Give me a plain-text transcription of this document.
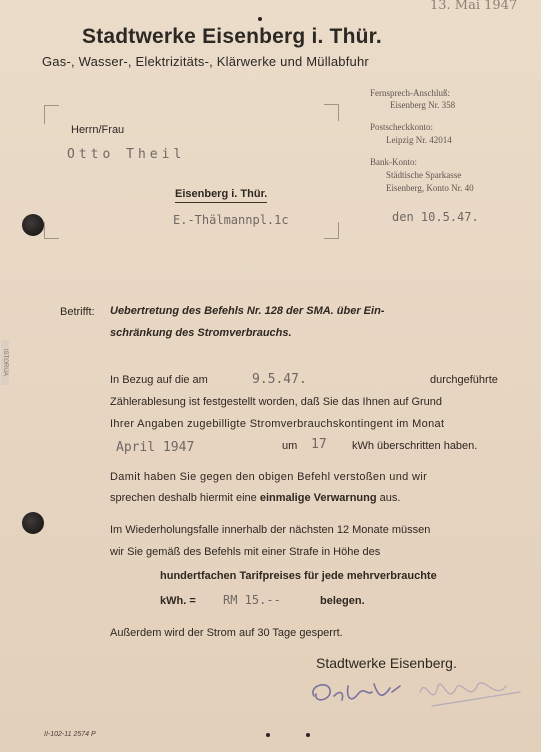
13. Mai 1947
Stadtwerke Eisenberg i. Thür.
Gas-, Wasser-, Elektrizitäts-, Klärwerke und Müllabfuhr
Fernsprech-Anschluß:
Eisenberg Nr. 358
Postscheckkonto:
Leipzig Nr. 42014
Bank-Konto:
Städtische Sparkasse
Eisenberg, Konto Nr. 40
Herrn/Frau
Otto Theil
Eisenberg i. Thür.
E.-Thälmannpl.1c	den 10.5.47.
ISTORIJA
Betrifft: Uebertretung des Befehls Nr. 128 der SMA. über Ein-
schränkung des Stromverbrauchs.
In Bezug auf die am	9.5.47.	durchgeführte
Zählerablesung ist festgestellt worden, daß Sie das Ihnen auf Grund
Ihrer Angaben zugebilligte Stromverbrauchskontingent im Monat
April 1947	um 17 kWh überschritten haben.
Damit haben Sie gegen den obigen Befehl verstoßen und wir
sprechen deshalb hiermit eine einmalige Verwarnung aus.
Im Wiederholungsfalle innerhalb der nächsten 12 Monate müssen
wir Sie gemäß des Befehls mit einer Strafe in Höhe des
hundertfachen Tarifpreises für jede mehrverbrauchte
kWh. = RM 15.--	belegen.
Außerdem wird der Strom auf 30 Tage gesperrt.
Stadtwerke Eisenberg.
II-102-11 2574 P
